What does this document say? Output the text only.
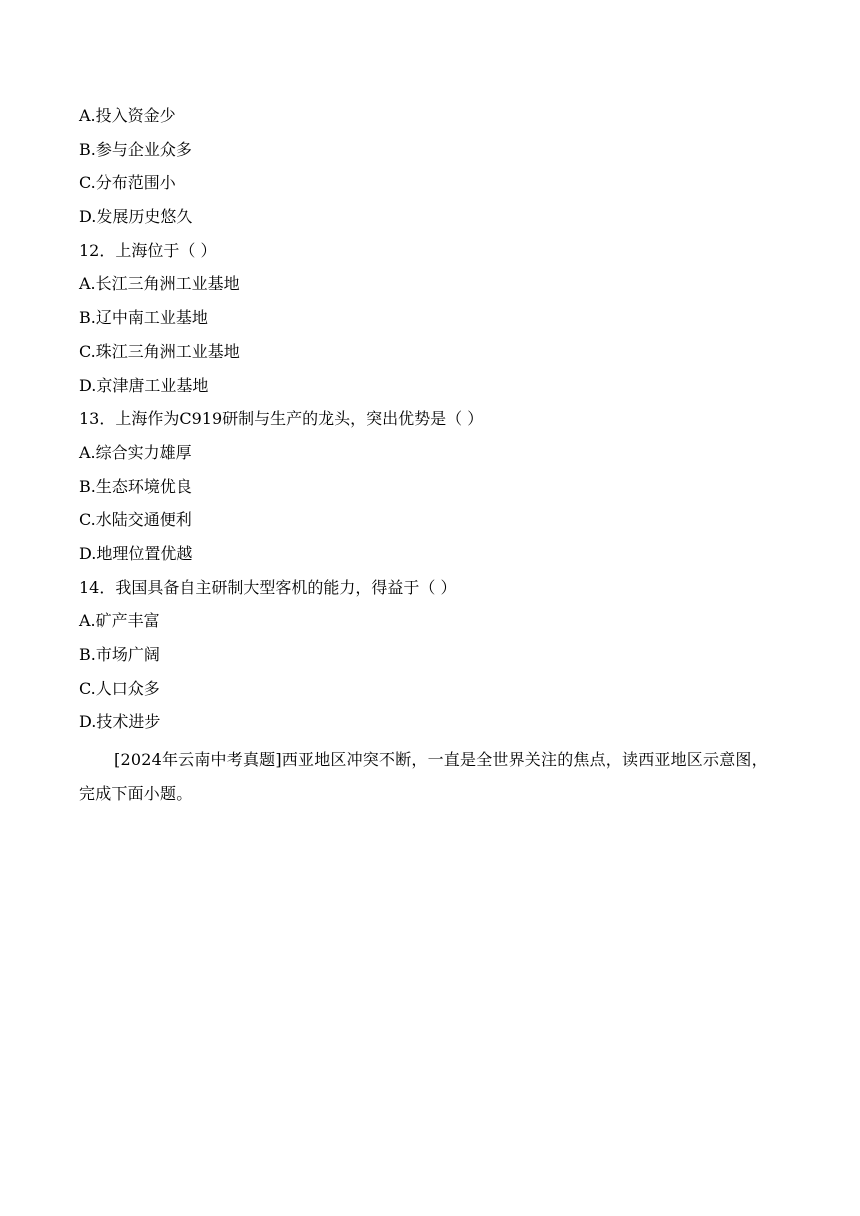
A.投入资金少
B.参与企业众多
C.分布范围小
D.发展历史悠久
12．上海位于（ ）
A.长江三角洲工业基地
B.辽中南工业基地
C.珠江三角洲工业基地
D.京津唐工业基地
13．上海作为C919研制与生产的龙头，突出优势是（ ）
A.综合实力雄厚
B.生态环境优良
C.水陆交通便利
D.地理位置优越
14．我国具备自主研制大型客机的能力，得益于（ ）
A.矿产丰富
B.市场广阔
C.人口众多
D.技术进步
[2024年云南中考真题]西亚地区冲突不断，一直是全世界关注的焦点，读西亚地区示意图，完成下面小题。
